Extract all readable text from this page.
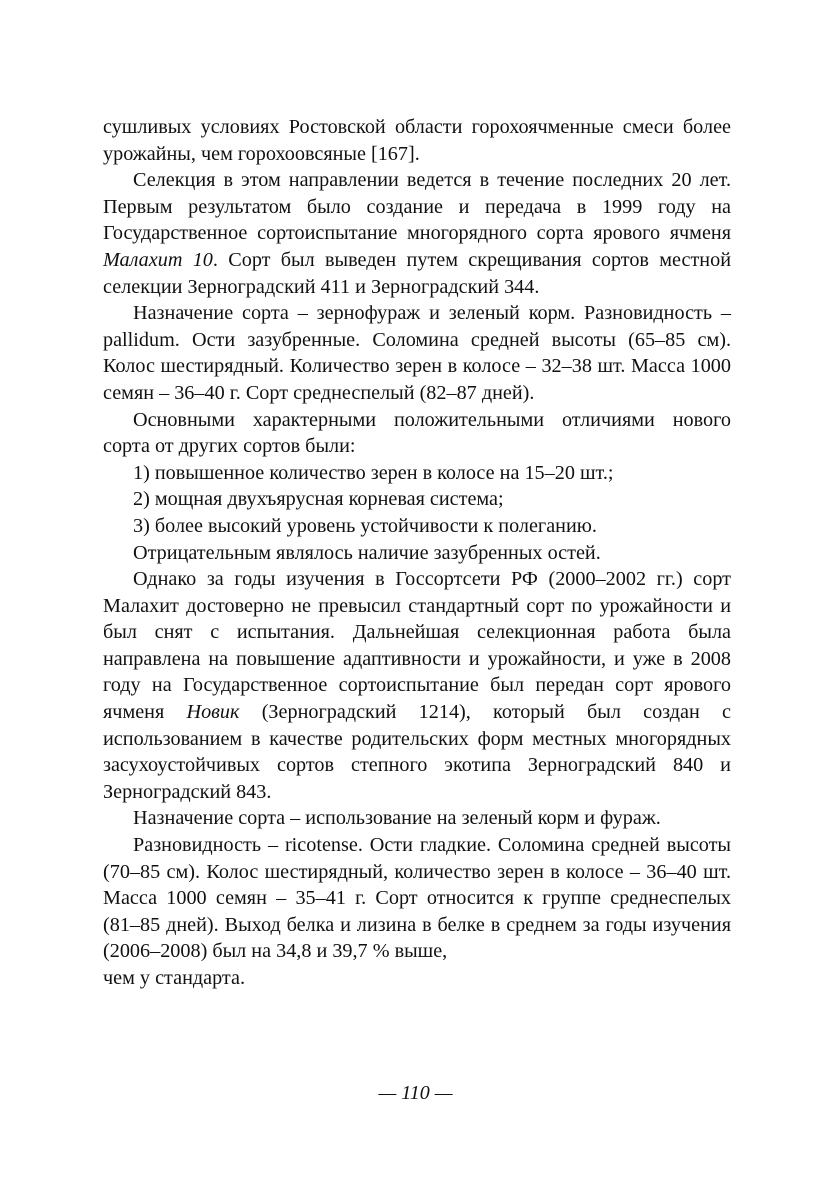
сушливых условиях Ростовской области горохоячменные смеси более урожайны, чем горохоовсяные [167].

Селекция в этом направлении ведется в течение последних 20 лет. Первым результатом было создание и передача в 1999 году на Государственное сортоиспытание многорядного сорта ярового ячменя Малахит 10. Сорт был выведен путем скрещивания сортов местной селекции Зерноградский 411 и Зерноградский 344.

Назначение сорта – зернофураж и зеленый корм. Разновидность – pallidum. Ости зазубренные. Соломина средней высоты (65–85 см). Колос шестирядный. Количество зерен в колосе – 32–38 шт. Масса 1000 семян – 36–40 г. Сорт среднеспелый (82–87 дней).

Основными характерными положительными отличиями нового сорта от других сортов были:

1) повышенное количество зерен в колосе на 15–20 шт.;

2) мощная двухъярусная корневая система;

3) более высокий уровень устойчивости к полеганию.

Отрицательным являлось наличие зазубренных остей.

Однако за годы изучения в Госсортсети РФ (2000–2002 гг.) сорт Малахит достоверно не превысил стандартный сорт по урожайности и был снят с испытания. Дальнейшая селекционная работа была направлена на повышение адаптивности и урожайности, и уже в 2008 году на Государственное сортоиспытание был передан сорт ярового ячменя Новик (Зерноградский 1214), который был создан с использованием в качестве родительских форм местных многорядных засухоустойчивых сортов степного экотипа Зерноградский 840 и Зерноградский 843.

Назначение сорта – использование на зеленый корм и фураж.

Разновидность – ricotense. Ости гладкие. Соломина средней высоты (70–85 см). Колос шестирядный, количество зерен в колосе – 36–40 шт. Масса 1000 семян – 35–41 г. Сорт относится к группе среднеспелых (81–85 дней). Выход белка и лизина в белке в среднем за годы изучения (2006–2008) был на 34,8 и 39,7 % выше,

чем у стандарта.

— 110 —
